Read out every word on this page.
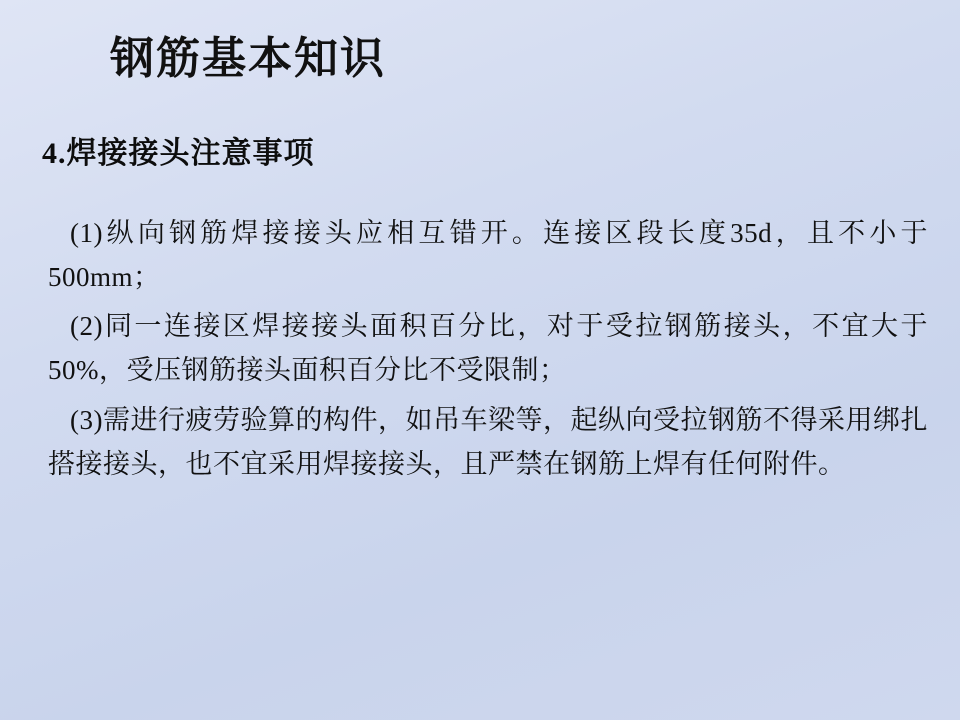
钢筋基本知识
4.焊接接头注意事项

(1)纵向钢筋焊接接头应相互错开。连接区段长度35d，且不小于500mm；

(2)同一连接区焊接接头面积百分比，对于受拉钢筋接头，不宜大于50%，受压钢筋接头面积百分比不受限制；

(3)需进行疲劳验算的构件，如吊车梁等，起纵向受拉钢筋不得采用绑扎搭接接头，也不宜采用焊接接头，且严禁在钢筋上焊有任何附件。
